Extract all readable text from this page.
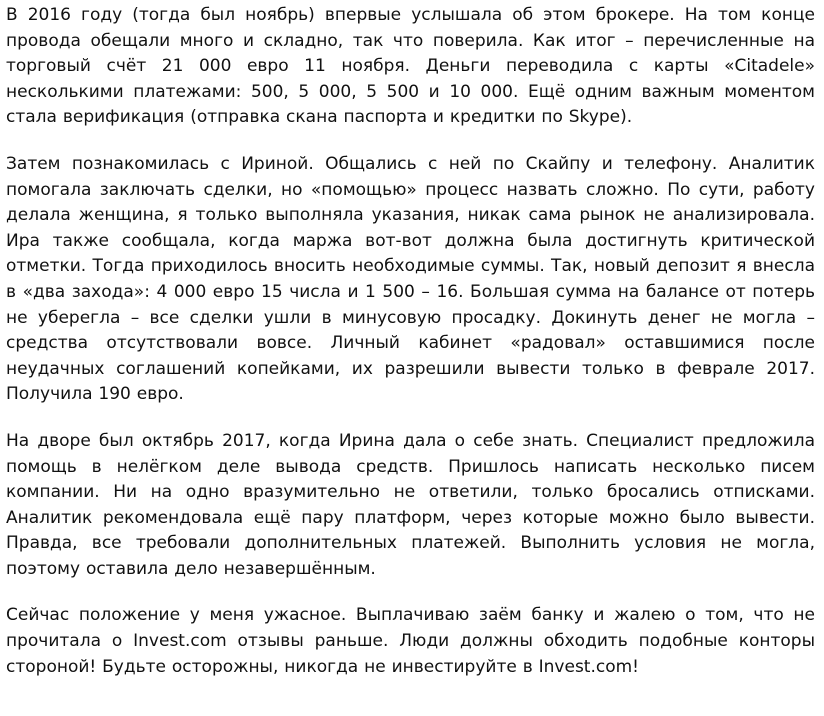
В 2016 году (тогда был ноябрь) впервые услышала об этом брокере. На том конце провода обещали много и складно, так что поверила. Как итог – перечисленные на торговый счёт 21 000 евро 11 ноября. Деньги переводила с карты «Citadele» несколькими платежами: 500, 5 000, 5 500 и 10 000. Ещё одним важным моментом стала верификация (отправка скана паспорта и кредитки по Skype).

Затем познакомилась с Ириной. Общались с ней по Скайпу и телефону. Аналитик помогала заключать сделки, но «помощью» процесс назвать сложно. По сути, работу делала женщина, я только выполняла указания, никак сама рынок не анализировала. Ира также сообщала, когда маржа вот-вот должна была достигнуть критической отметки. Тогда приходилось вносить необходимые суммы. Так, новый депозит я внесла в «два захода»: 4 000 евро 15 числа и 1 500 – 16. Большая сумма на балансе от потерь не уберегла – все сделки ушли в минусовую просадку. Докинуть денег не могла – средства отсутствовали вовсе. Личный кабинет «радовал» оставшимися после неудачных соглашений копейками, их разрешили вывести только в феврале 2017. Получила 190 евро.

На дворе был октябрь 2017, когда Ирина дала о себе знать. Специалист предложила помощь в нелёгком деле вывода средств. Пришлось написать несколько писем компании. Ни на одно вразумительно не ответили, только бросались отписками. Аналитик рекомендовала ещё пару платформ, через которые можно было вывести. Правда, все требовали дополнительных платежей. Выполнить условия не могла, поэтому оставила дело незавершённым.

Сейчас положение у меня ужасное. Выплачиваю заём банку и жалею о том, что не прочитала о Invest.com отзывы раньше. Люди должны обходить подобные конторы стороной! Будьте осторожны, никогда не инвестируйте в Invest.com!
